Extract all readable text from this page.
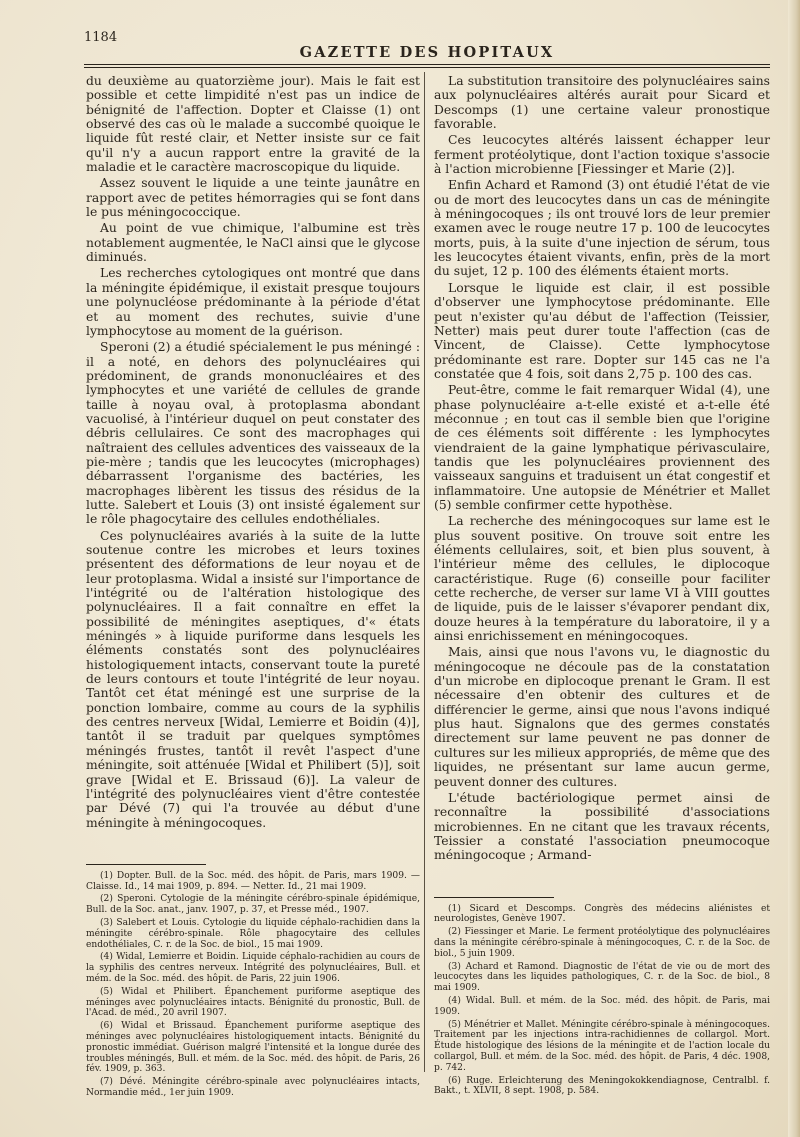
1184
GAZETTE DES HOPITAUX

du deuxième au quatorzième jour). Mais le fait est possible et cette limpidité n'est pas un indice de bénignité de l'affection. Dopter et Claisse (1) ont observé des cas où le malade a succombé quoique le liquide fût resté clair, et Netter insiste sur ce fait qu'il n'y a aucun rapport entre la gravité de la maladie et le caractère macroscopique du liquide.

Assez souvent le liquide a une teinte jaunâtre en rapport avec de petites hémorragies qui se font dans le pus méningococcique.

Au point de vue chimique, l'albumine est très notablement augmentée, le NaCl ainsi que le glycose diminués.

Les recherches cytologiques ont montré que dans la méningite épidémique, il existait presque toujours une polynucléose prédominante à la période d'état et au moment des rechutes, suivie d'une lymphocytose au moment de la guérison.

Speroni (2) a étudié spécialement le pus méningé : il a noté, en dehors des polynucléaires qui prédominent, de grands mononucléaires et des lymphocytes et une variété de cellules de grande taille à noyau oval, à protoplasma abondant vacuolisé, à l'intérieur duquel on peut constater des débris cellulaires. Ce sont des macrophages qui naîtraient des cellules adventices des vaisseaux de la pie-mère ; tandis que les leucocytes (microphages) débarrassent l'organisme des bactéries, les macrophages libèrent les tissus des résidus de la lutte. Salebert et Louis (3) ont insisté également sur le rôle phagocytaire des cellules endothéliales.

Ces polynucléaires avariés à la suite de la lutte soutenue contre les microbes et leurs toxines présentent des déformations de leur noyau et de leur protoplasma. Widal a insisté sur l'importance de l'intégrité ou de l'altération histologique des polynucléaires. Il a fait connaître en effet la possibilité de méningites aseptiques, d'« états méningés » à liquide puriforme dans lesquels les éléments constatés sont des polynucléaires histologiquement intacts, conservant toute la pureté de leurs contours et toute l'intégrité de leur noyau. Tantôt cet état méningé est une surprise de la ponction lombaire, comme au cours de la syphilis des centres nerveux [Widal, Lemierre et Boidin (4)], tantôt il se traduit par quelques symptômes méningés frustes, tantôt il revêt l'aspect d'une méningite, soit atténuée [Widal et Philibert (5)], soit grave [Widal et E. Brissaud (6)]. La valeur de l'intégrité des polynucléaires vient d'être contestée par Dévé (7) qui l'a trouvée au début d'une méningite à méningocoques.

(1) Dopter. Bull. de la Soc. méd. des hôpit. de Paris, mars 1909. — Claisse. Id., 14 mai 1909, p. 894. — Netter. Id., 21 mai 1909.

(2) Speroni. Cytologie de la méningite cérébro-spinale épidémique, Bull. de la Soc. anat., janv. 1907, p. 37, et Presse méd., 1907.

(3) Salebert et Louis. Cytologie du liquide céphalo-rachidien dans la méningite cérébro-spinale. Rôle phagocytaire des cellules endothéliales, C. r. de la Soc. de biol., 15 mai 1909.

(4) Widal, Lemierre et Boidin. Liquide céphalo-rachidien au cours de la syphilis des centres nerveux. Intégrité des polynucléaires, Bull. et mém. de la Soc. méd. des hôpit. de Paris, 22 juin 1906.

(5) Widal et Philibert. Épanchement puriforme aseptique des méninges avec polynucléaires intacts. Bénignité du pronostic, Bull. de l'Acad. de méd., 20 avril 1907.

(6) Widal et Brissaud. Épanchement puriforme aseptique des méninges avec polynucléaires histologiquement intacts. Bénignité du pronostic immédiat. Guérison malgré l'intensité et la longue durée des troubles méningés, Bull. et mém. de la Soc. méd. des hôpit. de Paris, 26 fév. 1909, p. 363.

(7) Dévé. Méningite cérébro-spinale avec polynucléaires intacts, Normandie méd., 1er juin 1909.

La substitution transitoire des polynucléaires sains aux polynucléaires altérés aurait pour Sicard et Descomps (1) une certaine valeur pronostique favorable.

Ces leucocytes altérés laissent échapper leur ferment protéolytique, dont l'action toxique s'associe à l'action microbienne [Fiessinger et Marie (2)].

Enfin Achard et Ramond (3) ont étudié l'état de vie ou de mort des leucocytes dans un cas de méningite à méningocoques ; ils ont trouvé lors de leur premier examen avec le rouge neutre 17 p. 100 de leucocytes morts, puis, à la suite d'une injection de sérum, tous les leucocytes étaient vivants, enfin, près de la mort du sujet, 12 p. 100 des éléments étaient morts.

Lorsque le liquide est clair, il est possible d'observer une lymphocytose prédominante. Elle peut n'exister qu'au début de l'affection (Teissier, Netter) mais peut durer toute l'affection (cas de Vincent, de Claisse). Cette lymphocytose prédominante est rare. Dopter sur 145 cas ne l'a constatée que 4 fois, soit dans 2,75 p. 100 des cas.

Peut-être, comme le fait remarquer Widal (4), une phase polynucléaire a-t-elle existé et a-t-elle été méconnue ; en tout cas il semble bien que l'origine de ces éléments soit différente : les lymphocytes viendraient de la gaine lymphatique périvasculaire, tandis que les polynucléaires proviennent des vaisseaux sanguins et traduisent un état congestif et inflammatoire. Une autopsie de Ménétrier et Mallet (5) semble confirmer cette hypothèse.

La recherche des méningocoques sur lame est le plus souvent positive. On trouve soit entre les éléments cellulaires, soit, et bien plus souvent, à l'intérieur même des cellules, le diplocoque caractéristique. Ruge (6) conseille pour faciliter cette recherche, de verser sur lame VI à VIII gouttes de liquide, puis de le laisser s'évaporer pendant dix, douze heures à la température du laboratoire, il y a ainsi enrichissement en méningocoques.

Mais, ainsi que nous l'avons vu, le diagnostic du méningocoque ne découle pas de la constatation d'un microbe en diplocoque prenant le Gram. Il est nécessaire d'en obtenir des cultures et de différencier le germe, ainsi que nous l'avons indiqué plus haut. Signalons que des germes constatés directement sur lame peuvent ne pas donner de cultures sur les milieux appropriés, de même que des liquides, ne présentant sur lame aucun germe, peuvent donner des cultures.

L'étude bactériologique permet ainsi de reconnaître la possibilité d'associations microbiennes. En ne citant que les travaux récents, Teissier a constaté l'association pneumocoque méningocoque ; Armand-

(1) Sicard et Descomps. Congrès des médecins aliénistes et neurologistes, Genève 1907.

(2) Fiessinger et Marie. Le ferment protéolytique des polynucléaires dans la méningite cérébro-spinale à méningocoques, C. r. de la Soc. de biol., 5 juin 1909.

(3) Achard et Ramond. Diagnostic de l'état de vie ou de mort des leucocytes dans les liquides pathologiques, C. r. de la Soc. de biol., 8 mai 1909.

(4) Widal. Bull. et mém. de la Soc. méd. des hôpit. de Paris, mai 1909.

(5) Ménétrier et Mallet. Méningite cérébro-spinale à méningocoques. Traitement par les injections intra-rachidiennes de collargol. Mort. Étude histologique des lésions de la méningite et de l'action locale du collargol, Bull. et mém. de la Soc. méd. des hôpit. de Paris, 4 déc. 1908, p. 742.

(6) Ruge. Erleichterung des Meningokokkendiagnose, Centralbl. f. Bakt., t. XLVII, 8 sept. 1908, p. 584.
